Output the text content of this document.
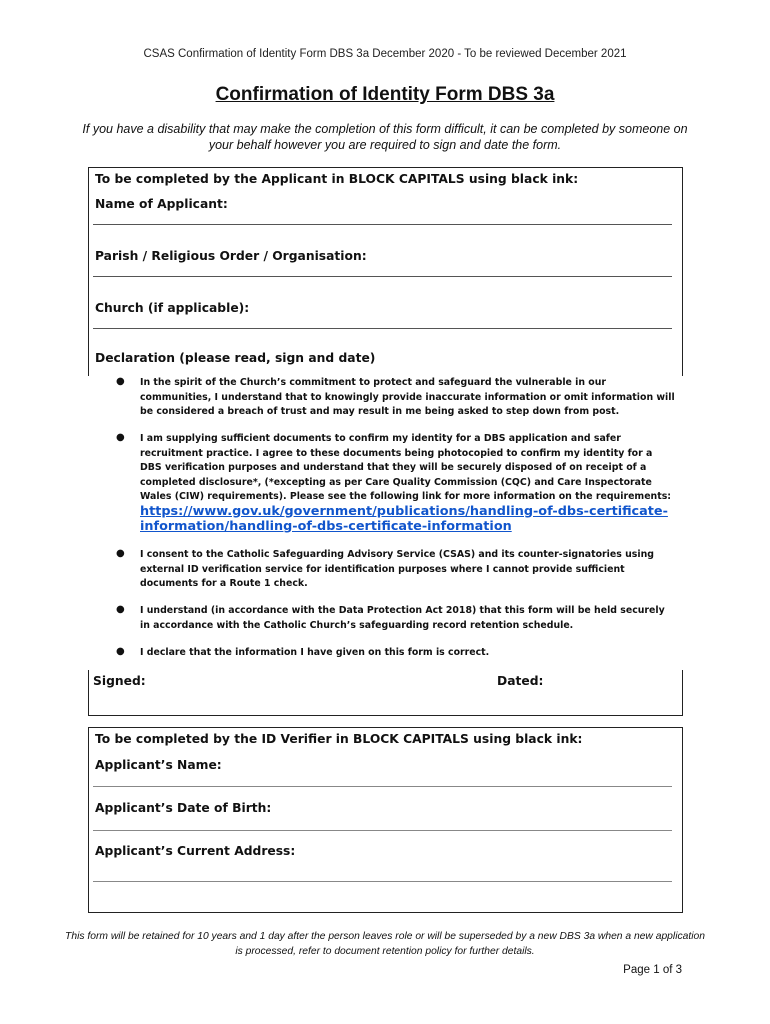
CSAS Confirmation of Identity Form DBS 3a December 2020 - To be reviewed December 2021
Confirmation of Identity Form DBS 3a
If you have a disability that may make the completion of this form difficult, it can be completed by someone on your behalf however you are required to sign and date the form.
To be completed by the Applicant in BLOCK CAPITALS using black ink:
Name of Applicant:
Parish / Religious Order / Organisation:
Church (if applicable):
Declaration (please read, sign and date)
● In the spirit of the Church’s commitment to protect and safeguard the vulnerable in our communities, I understand that to knowingly provide inaccurate information or omit information will be considered a breach of trust and may result in me being asked to step down from post.
● I am supplying sufficient documents to confirm my identity for a DBS application and safer recruitment practice. I agree to these documents being photocopied to confirm my identity for a DBS verification purposes and understand that they will be securely disposed of on receipt of a completed disclosure*, (*excepting as per Care Quality Commission (CQC) and Care Inspectorate Wales (CIW) requirements). Please see the following link for more information on the requirements: https://www.gov.uk/government/publications/handling-of-dbs-certificate-information/handling-of-dbs-certificate-information
● I consent to the Catholic Safeguarding Advisory Service (CSAS) and its counter-signatories using external ID verification service for identification purposes where I cannot provide sufficient documents for a Route 1 check.
● I understand (in accordance with the Data Protection Act 2018) that this form will be held securely in accordance with the Catholic Church’s safeguarding record retention schedule.
● I declare that the information I have given on this form is correct.
Signed:	Dated:
To be completed by the ID Verifier in BLOCK CAPITALS using black ink:
Applicant’s Name:
Applicant’s Date of Birth:
Applicant’s Current Address:
This form will be retained for 10 years and 1 day after the person leaves role or will be superseded by a new DBS 3a when a new application is processed, refer to document retention policy for further details.
Page 1 of 3
